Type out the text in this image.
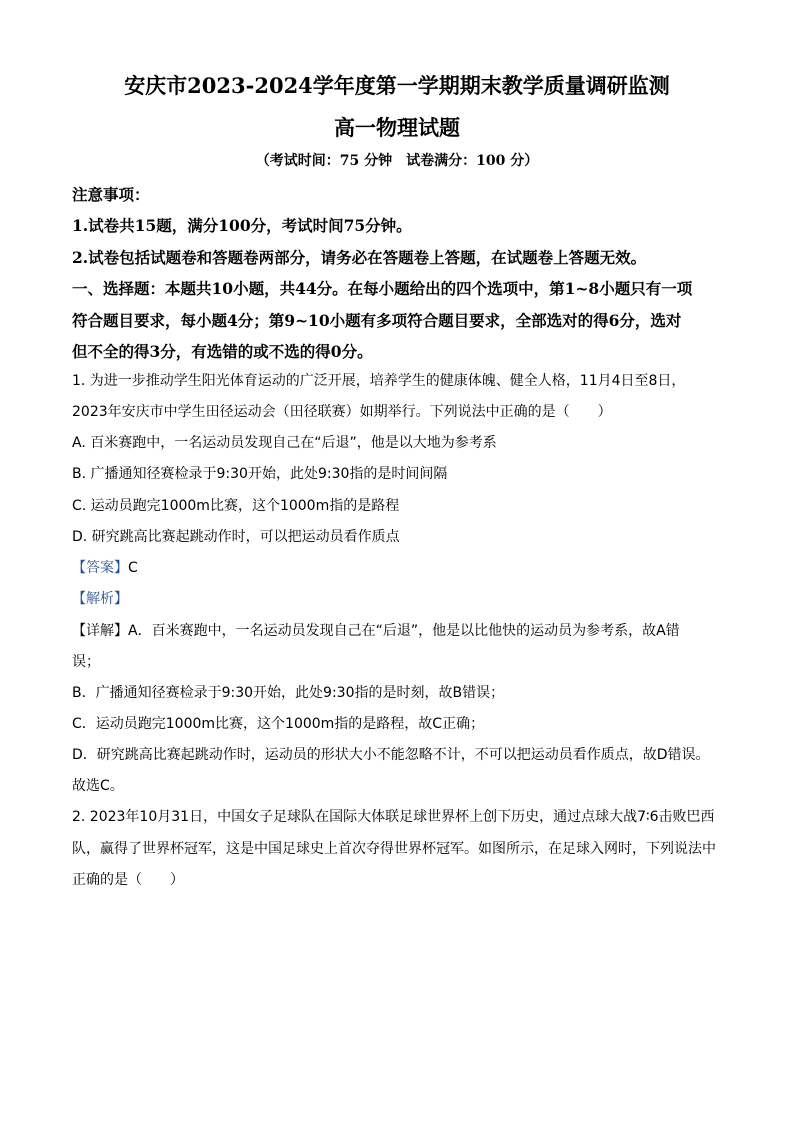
安庆市2023-2024学年度第一学期期末教学质量调研监测
高一物理试题
（考试时间：75 分钟　试卷满分：100 分）
注意事项：
1.试卷共15题，满分100分，考试时间75分钟。
2.试卷包括试题卷和答题卷两部分，请务必在答题卷上答题，在试题卷上答题无效。
一、选择题：本题共10小题，共44分。在每小题给出的四个选项中，第1~8小题只有一项
符合题目要求，每小题4分；第9~10小题有多项符合题目要求，全部选对的得6分，选对
但不全的得3分，有选错的或不选的得0分。
1. 为进一步推动学生阳光体育运动的广泛开展，培养学生的健康体魄、健全人格，11月4日至8日，
2023年安庆市中学生田径运动会（田径联赛）如期举行。下列说法中正确的是（　　）
A. 百米赛跑中，一名运动员发现自己在“后退”，他是以大地为参考系
B. 广播通知径赛检录于9:30开始，此处9:30指的是时间间隔
C. 运动员跑完1000m比赛，这个1000m指的是路程
D. 研究跳高比赛起跳动作时，可以把运动员看作质点
【答案】C
【解析】
【详解】A．百米赛跑中，一名运动员发现自己在“后退”，他是以比他快的运动员为参考系，故A错
误；
B．广播通知径赛检录于9:30开始，此处9:30指的是时刻，故B错误；
C．运动员跑完1000m比赛，这个1000m指的是路程，故C正确；
D．研究跳高比赛起跳动作时，运动员的形状大小不能忽略不计，不可以把运动员看作质点，故D错误。
故选C。
2. 2023年10月31日，中国女子足球队在国际大体联足球世界杯上创下历史，通过点球大战7∶6击败巴西
队，赢得了世界杯冠军，这是中国足球史上首次夺得世界杯冠军。如图所示，在足球入网时，下列说法中
正确的是（　　）
